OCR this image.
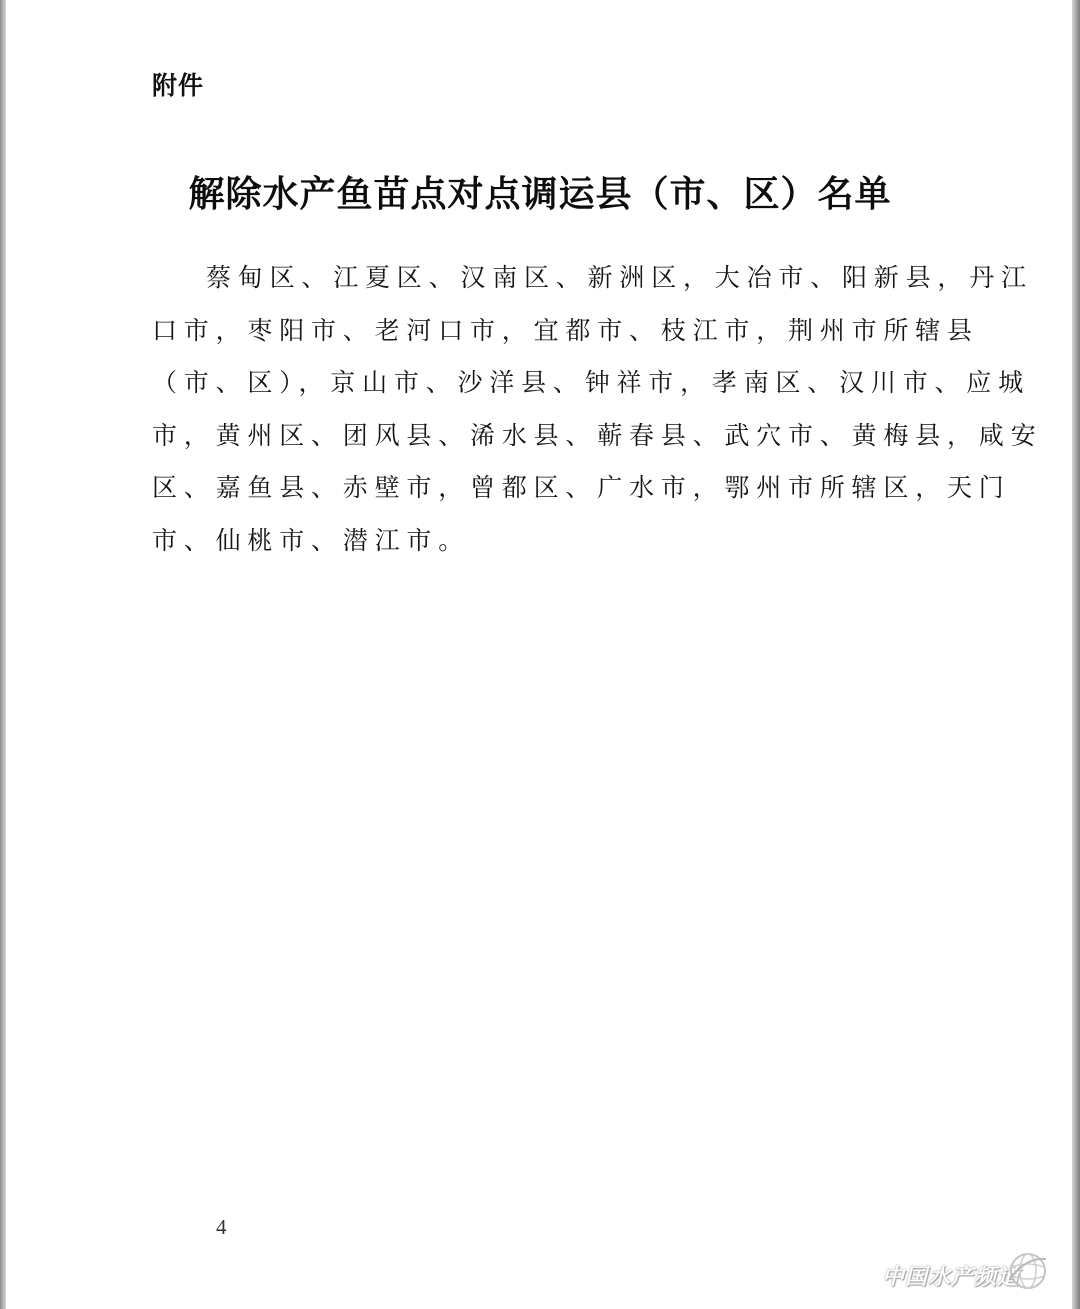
附件
解除水产鱼苗点对点调运县（市、区）名单
蔡甸区、江夏区、汉南区、新洲区，大冶市、阳新县，丹江
口市，枣阳市、老河口市，宜都市、枝江市，荆州市所辖县
（市、区），京山市、沙洋县、钟祥市，孝南区、汉川市、应城
市，黄州区、团风县、浠水县、蕲春县、武穴市、黄梅县，咸安
区、嘉鱼县、赤壁市，曾都区、广水市，鄂州市所辖区，天门
市、仙桃市、潜江市。
4
中国水产频道
